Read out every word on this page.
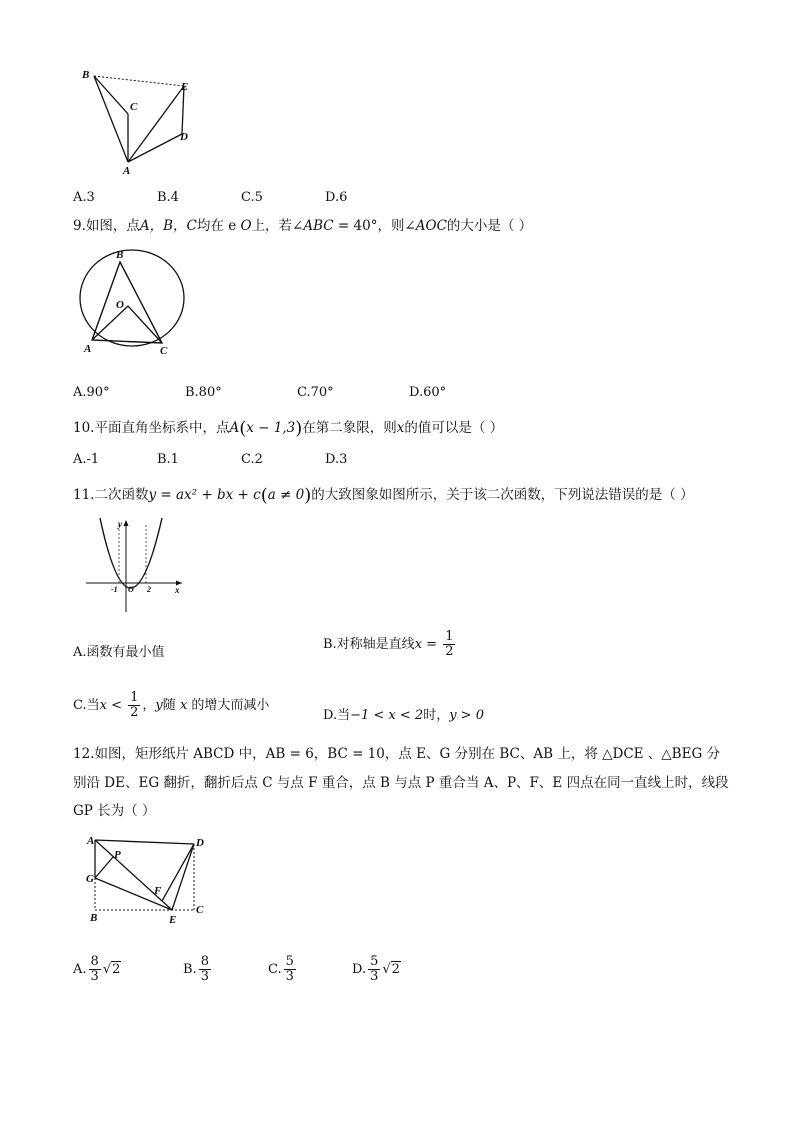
B
C
E
D
A
A.3	B.4	C.5	D.6
9.如图，点A，B，C均在 e O上，若∠ABC = 40°，则∠AOC的大小是（ ）
B
O
A	C
A.90°	B.80°	C.70°	D.60°
10.平面直角坐标系中，点A(x − 1,3)在第二象限，则x的值可以是（ ）
A.-1	B.1	C.2	D.3
11.二次函数y = ax² + bx + c(a ≠ 0)的大致图象如图所示，关于该二次函数，下列说法错误的是（ ）
y
x
O
-1	2
A.函数有最小值
B.对称轴是直线$x = \frac{1}{2}$
C.当$x < \frac{1}{2}$ ，y随 x 的增大而减小
D.当−1 < x < 2时，y > 0
12.如图，矩形纸片 ABCD 中，AB = 6，BC = 10，点 E、G 分别在 BC、AB 上，将 △DCE 、△BEG 分
别沿 DE、EG 翻折，翻折后点 C 与点 F 重合，点 B 与点 P 重合当 A、P、F、E 四点在同一直线上时，线段
GP 长为（ ）
A
P
D
G
F
B	E
C
A. $\frac{8}{3} √2$	B. $\frac{8}{3}$	C. $\frac{5}{3}$	D. $\frac{5}{3} √2$
